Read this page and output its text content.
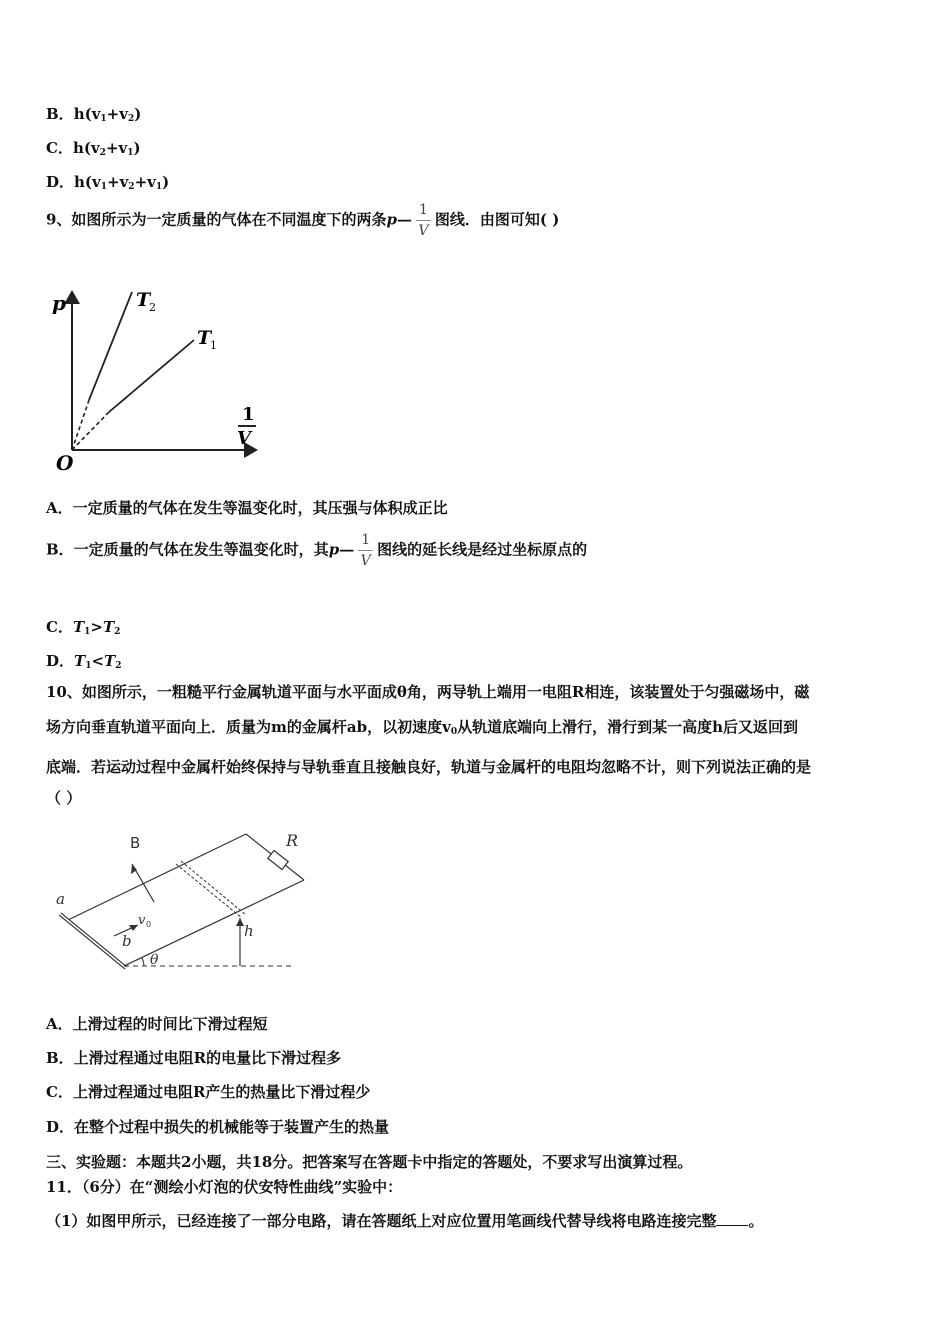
B．$h(v_1+v_2)$
C．$h(v_2+v_1)$
D．$h(v_1+v_2+v_1)$
9、如图所示为一定质量的气体在不同温度下的两条p— $\frac{1}{V}$ 图线．由图可知( )
p	T
2
T
1
1
V
O
A．一定质量的气体在发生等温变化时，其压强与体积成正比
B．一定质量的气体在发生等温变化时，其p— $\frac{1}{V}$ 图线的延长线是经过坐标原点的
C．$T_1>T_2$
D．$T_1<T_2$
10、如图所示，一粗糙平行金属轨道平面与水平面成θ角，两导轨上端用一电阻R相连，该装置处于匀强磁场中，磁
场方向垂直轨道平面向上．质量为m的金属杆ab，以初速度$v_0$从轨道底端向上滑行，滑行到某一高度h后又返回到
底端．若运动过程中金属杆始终保持与导轨垂直且接触良好，轨道与金属杆的电阻均忽略不计，则下列说法正确的是
（ ）
B	R
a
b
v 0	h
θ
A．上滑过程的时间比下滑过程短
B．上滑过程通过电阻R的电量比下滑过程多
C．上滑过程通过电阻R产生的热量比下滑过程少
D．在整个过程中损失的机械能等于装置产生的热量
三、实验题：本题共2小题，共18分。把答案写在答题卡中指定的答题处，不要求写出演算过程。
11．（6分）在“测绘小灯泡的伏安特性曲线”实验中：
（1）如图甲所示，已经连接了一部分电路，请在答题纸上对应位置用笔画线代替导线将电路连接完整 。
